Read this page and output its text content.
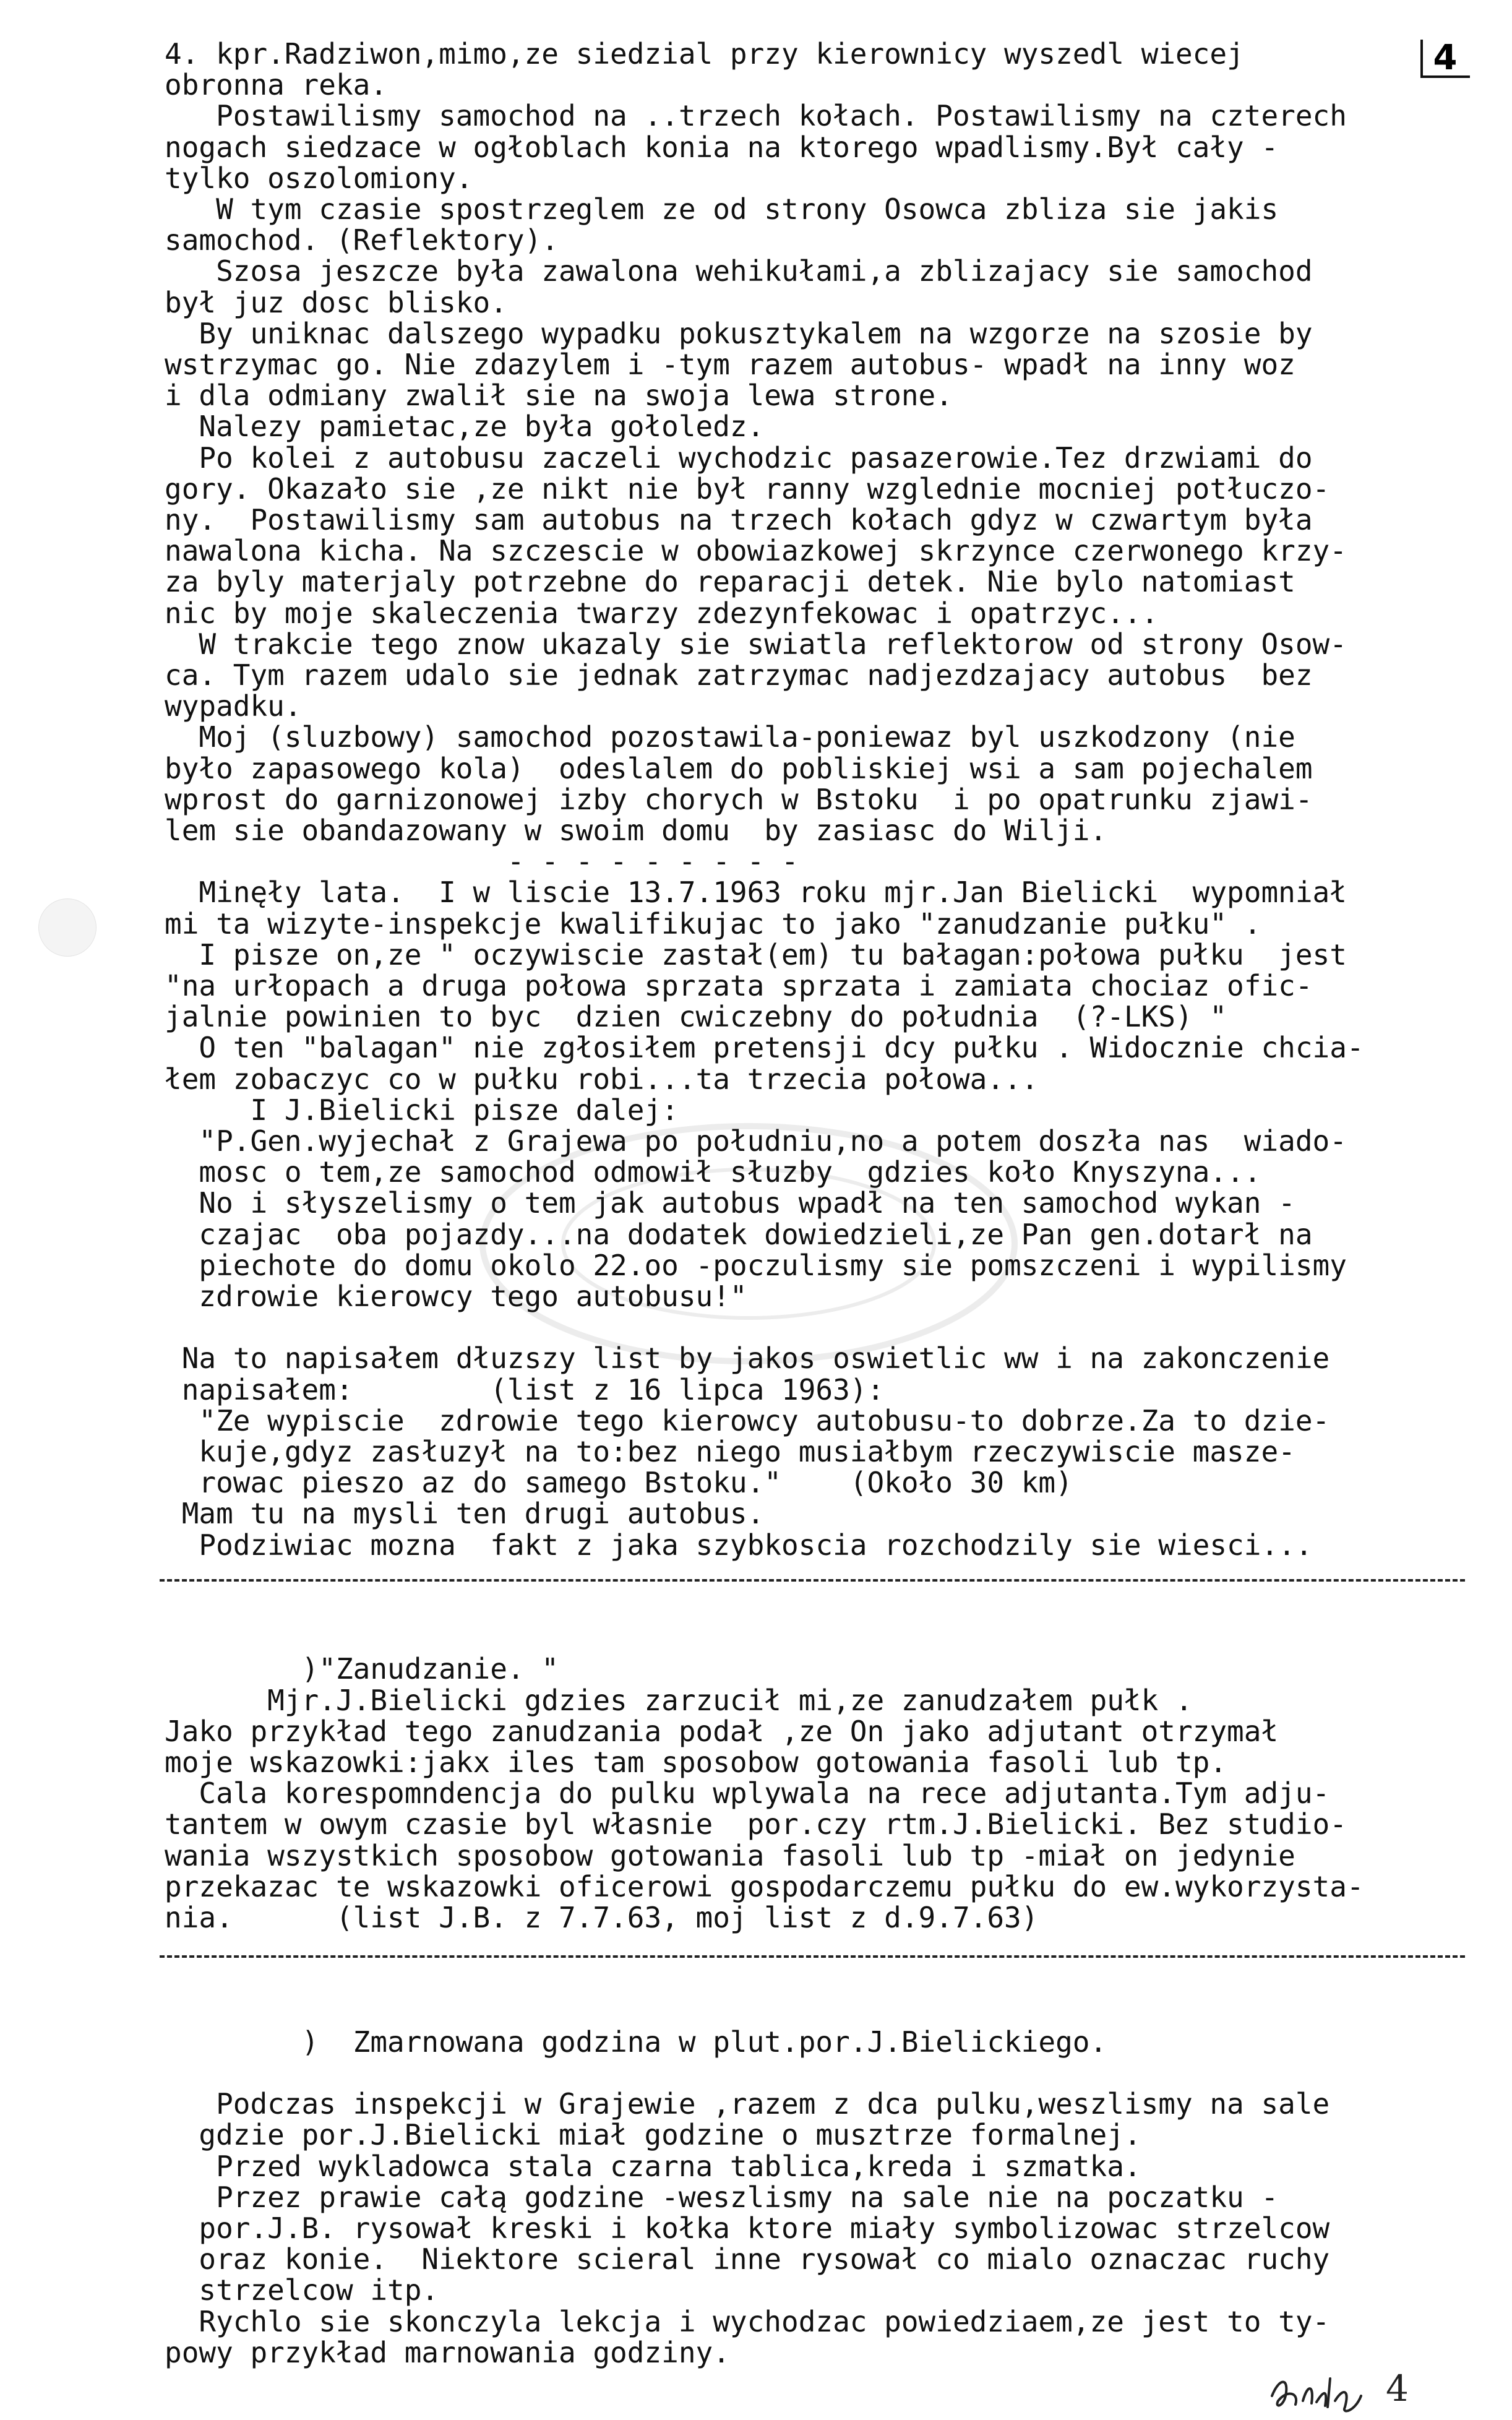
4
4. kpr.Radziwon,mimo,ze siedzial przy kierownicy wyszedl wiecej
obronna reka.
Postawilismy samochod na ..trzech kołach. Postawilismy na czterech
nogach siedzace w ogłoblach konia na ktorego wpadlismy.Był cały -
tylko oszolomiony.
W tym czasie spostrzeglem ze od strony Osowca zbliza sie jakis
samochod. (Reflektory).
Szosa jeszcze była zawalona wehikułami,a zblizajacy sie samochod
był juz dosc blisko.
By uniknac dalszego wypadku pokusztykalem na wzgorze na szosie by
wstrzymac go. Nie zdazylem i -tym razem autobus- wpadł na inny woz
i dla odmiany zwalił sie na swoja lewa strone.
Nalezy pamietac,ze była gołoledz.
Po kolei z autobusu zaczeli wychodzic pasazerowie.Tez drzwiami do
gory. Okazało sie ,ze nikt nie był ranny wzglednie mocniej potłuczo-
ny.  Postawilismy sam autobus na trzech kołach gdyz w czwartym była
nawalona kicha. Na szczescie w obowiazkowej skrzynce czerwonego krzy-
za byly materjaly potrzebne do reparacji detek. Nie bylo natomiast
nic by moje skaleczenia twarzy zdezynfekowac i opatrzyc...
W trakcie tego znow ukazaly sie swiatla reflektorow od strony Osow-
ca. Tym razem udalo sie jednak zatrzymac nadjezdzajacy autobus  bez
wypadku.
Moj (sluzbowy) samochod pozostawila-poniewaz byl uszkodzony (nie
było zapasowego kola)  odeslalem do pobliskiej wsi a sam pojechalem
wprost do garnizonowej izby chorych w Bstoku  i po opatrunku zjawi-
lem sie obandazowany w swoim domu  by zasiasc do Wilji.
- - - - - - - - -
Minęły lata.  I w liscie 13.7.1963 roku mjr.Jan Bielicki  wypomniał
mi ta wizyte-inspekcje kwalifikujac to jako "zanudzanie pułku" .
I pisze on,ze " oczywiscie zastał(em) tu bałagan:połowa pułku  jest
"na urłopach a druga połowa sprzata sprzata i zamiata chociaz ofic-
jalnie powinien to byc  dzien cwiczebny do południa  (?-LKS) "
O ten "balagan" nie zgłosiłem pretensji dcy pułku . Widocznie chcia-
łem zobaczyc co w pułku robi...ta trzecia połowa...
I J.Bielicki pisze dalej:
"P.Gen.wyjechał z Grajewa po południu,no a potem doszła nas  wiado-
mosc o tem,ze samochod odmowił słuzby  gdzies koło Knyszyna...
No i słyszelismy o tem jak autobus wpadł na ten samochod wykan -
czajac  oba pojazdy...na dodatek dowiedzieli,ze Pan gen.dotarł na
piechote do domu okolo 22.oo -poczulismy sie pomszczeni i wypilismy
zdrowie kierowcy tego autobusu!"
Na to napisałem dłuzszy list by jakos oswietlic ww i na zakonczenie
napisałem:        (list z 16 lipca 1963):
"Ze wypiscie  zdrowie tego kierowcy autobusu-to dobrze.Za to dzie-
kuje,gdyz zasłuzył na to:bez niego musiałbym rzeczywiscie masze-
rowac pieszo az do samego Bstoku."    (Około 30 km)
Mam tu na mysli ten drugi autobus.
Podziwiac mozna  fakt z jaka szybkoscia rozchodzily sie wiesci...
)"Zanudzanie. "
Mjr.J.Bielicki gdzies zarzucił mi,ze zanudzałem pułk .
Jako przykład tego zanudzania podał ,ze On jako adjutant otrzymał
moje wskazowki:jakx iles tam sposobow gotowania fasoli lub tp.
Cala korespomndencja do pulku wplywala na rece adjutanta.Tym adju-
tantem w owym czasie byl własnie  por.czy rtm.J.Bielicki. Bez studio-
wania wszystkich sposobow gotowania fasoli lub tp -miał on jedynie
przekazac te wskazowki oficerowi gospodarczemu pułku do ew.wykorzysta-
nia.      (list J.B. z 7.7.63, moj list z d.9.7.63)
)  Zmarnowana godzina w plut.por.J.Bielickiego.
Podczas inspekcji w Grajewie ,razem z dca pulku,weszlismy na sale
gdzie por.J.Bielicki miał godzine o musztrze formalnej.
Przed wykladowca stala czarna tablica,kreda i szmatka.
Przez prawie całą godzine -weszlismy na sale nie na poczatku -
por.J.B. rysował kreski i kołka ktore miały symbolizowac strzelcow
oraz konie.  Niektore scieral inne rysował co mialo oznaczac ruchy
strzelcow itp.
Rychlo sie skonczyla lekcja i wychodzac powiedziaem,ze jest to ty-
powy przykład marnowania godziny.
4
